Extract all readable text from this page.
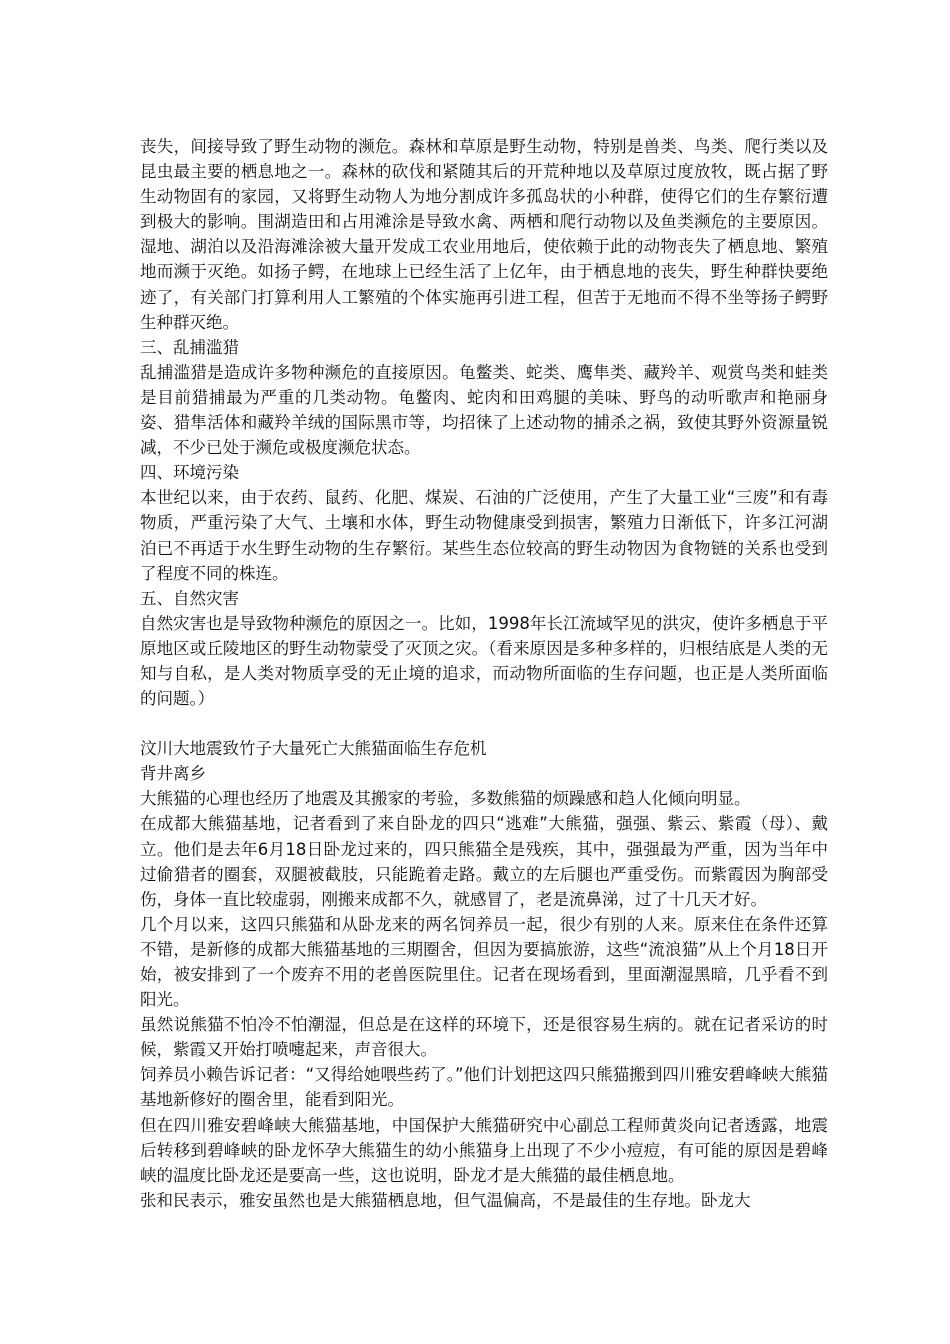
丧失，间接导致了野生动物的濒危。森林和草原是野生动物，特别是兽类、鸟类、爬行类以及昆虫最主要的栖息地之一。森林的砍伐和紧随其后的开荒种地以及草原过度放牧，既占据了野生动物固有的家园，又将野生动物人为地分割成许多孤岛状的小种群，使得它们的生存繁衍遭到极大的影响。围湖造田和占用滩涂是导致水禽、两栖和爬行动物以及鱼类濒危的主要原因。湿地、湖泊以及沿海滩涂被大量开发成工农业用地后，使依赖于此的动物丧失了栖息地、繁殖地而濒于灭绝。如扬子鳄，在地球上已经生活了上亿年，由于栖息地的丧失，野生种群快要绝迹了，有关部门打算利用人工繁殖的个体实施再引进工程，但苦于无地而不得不坐等扬子鳄野生种群灭绝。

三、乱捕滥猎

乱捕滥猎是造成许多物种濒危的直接原因。龟鳖类、蛇类、鹰隼类、藏羚羊、观赏鸟类和蛙类是目前猎捕最为严重的几类动物。龟鳖肉、蛇肉和田鸡腿的美味、野鸟的动听歌声和艳丽身姿、猎隼活体和藏羚羊绒的国际黑市等，均招徕了上述动物的捕杀之祸，致使其野外资源量锐减，不少已处于濒危或极度濒危状态。

四、环境污染

本世纪以来，由于农药、鼠药、化肥、煤炭、石油的广泛使用，产生了大量工业“三废”和有毒物质，严重污染了大气、土壤和水体，野生动物健康受到损害，繁殖力日渐低下，许多江河湖泊已不再适于水生野生动物的生存繁衍。某些生态位较高的野生动物因为食物链的关系也受到了程度不同的株连。

五、自然灾害

自然灾害也是导致物种濒危的原因之一。比如，1998年长江流域罕见的洪灾，使许多栖息于平原地区或丘陵地区的野生动物蒙受了灭顶之灾。（看来原因是多种多样的，归根结底是人类的无知与自私，是人类对物质享受的无止境的追求，而动物所面临的生存问题，也正是人类所面临的问题。）

汶川大地震致竹子大量死亡大熊猫面临生存危机

背井离乡

大熊猫的心理也经历了地震及其搬家的考验，多数熊猫的烦躁感和趋人化倾向明显。

在成都大熊猫基地，记者看到了来自卧龙的四只“逃难”大熊猫，强强、紫云、紫霞（母）、戴立。他们是去年6月18日卧龙过来的，四只熊猫全是残疾，其中，强强最为严重，因为当年中过偷猎者的圈套，双腿被截肢，只能跪着走路。戴立的左后腿也严重受伤。而紫霞因为胸部受伤，身体一直比较虚弱，刚搬来成都不久，就感冒了，老是流鼻涕，过了十几天才好。

几个月以来，这四只熊猫和从卧龙来的两名饲养员一起，很少有别的人来。原来住在条件还算不错，是新修的成都大熊猫基地的三期圈舍，但因为要搞旅游，这些“流浪猫”从上个月18日开始，被安排到了一个废弃不用的老兽医院里住。记者在现场看到，里面潮湿黑暗，几乎看不到阳光。

虽然说熊猫不怕冷不怕潮湿，但总是在这样的环境下，还是很容易生病的。就在记者采访的时候，紫霞又开始打喷嚏起来，声音很大。

饲养员小赖告诉记者：“又得给她喂些药了。”他们计划把这四只熊猫搬到四川雅安碧峰峡大熊猫基地新修好的圈舍里，能看到阳光。

但在四川雅安碧峰峡大熊猫基地，中国保护大熊猫研究中心副总工程师黄炎向记者透露，地震后转移到碧峰峡的卧龙怀孕大熊猫生的幼小熊猫身上出现了不少小痘痘，有可能的原因是碧峰峡的温度比卧龙还是要高一些，这也说明，卧龙才是大熊猫的最佳栖息地。

张和民表示，雅安虽然也是大熊猫栖息地，但气温偏高，不是最佳的生存地。卧龙大
